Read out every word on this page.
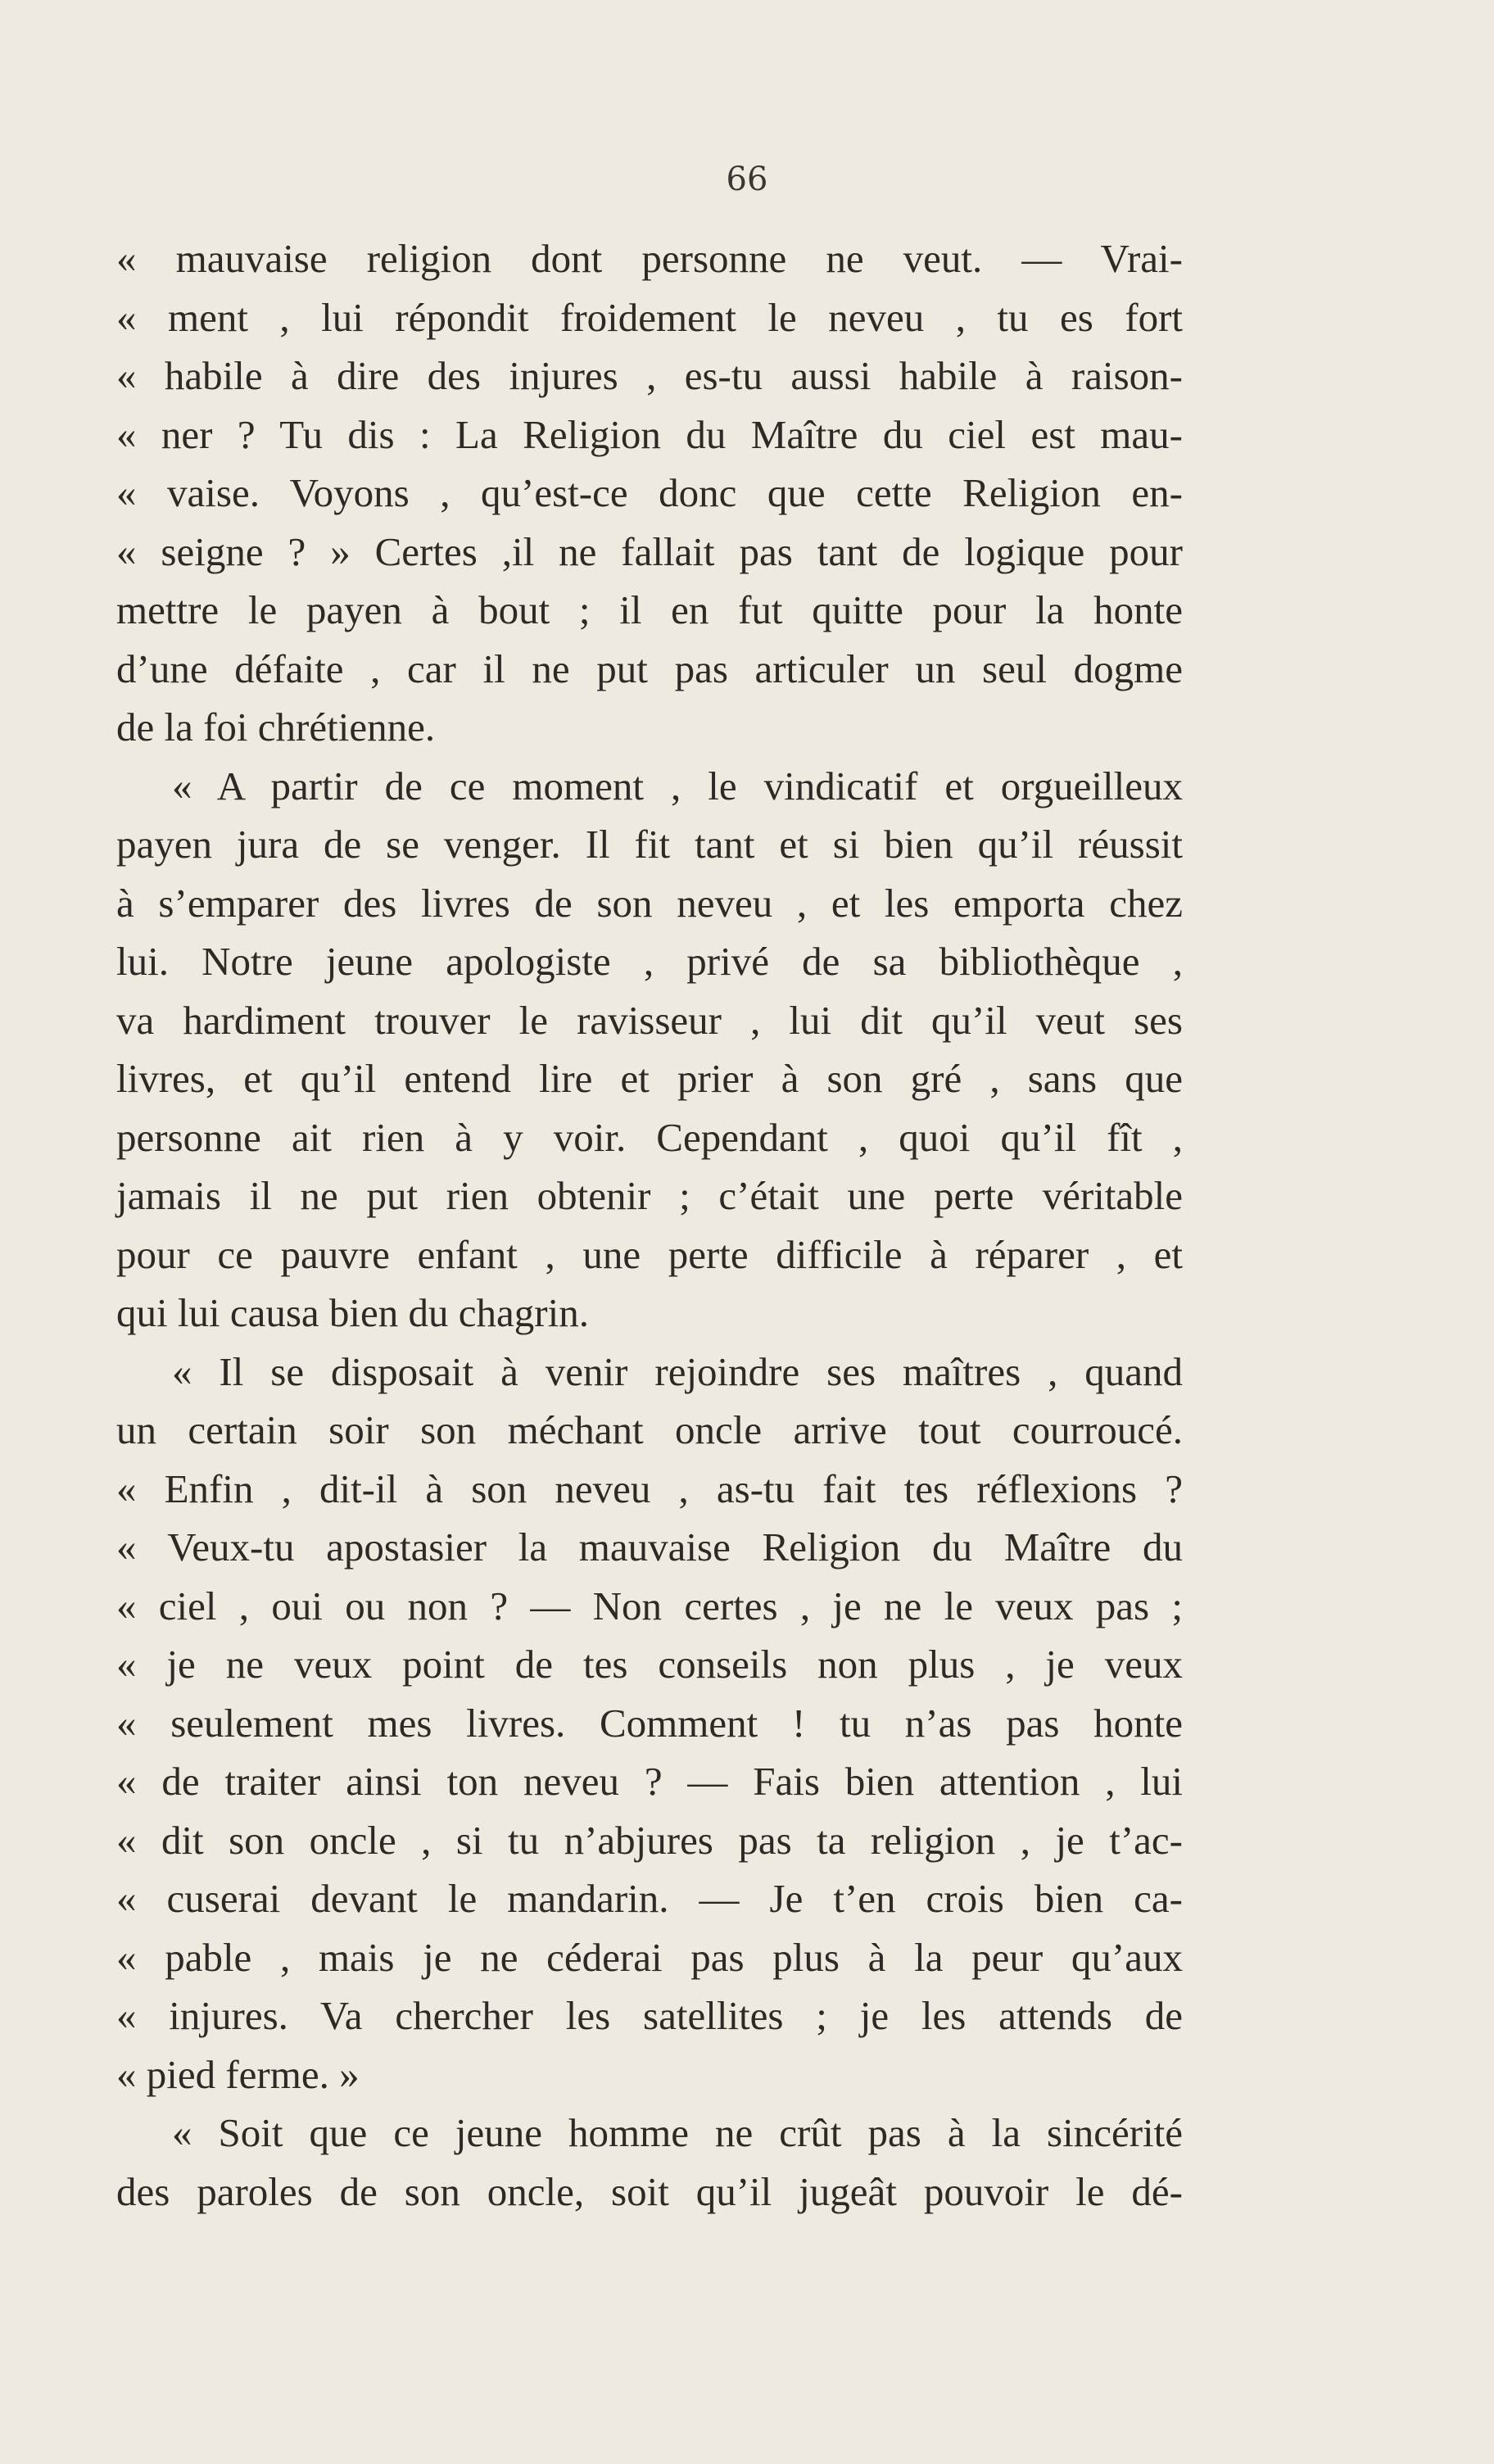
66
« mauvaise religion dont personne ne veut. — Vrai-
« ment , lui répondit froidement le neveu , tu es fort
« habile à dire des injures , es-tu aussi habile à raison-
« ner ? Tu dis : La Religion du Maître du ciel est mau-
« vaise. Voyons , qu’est-ce donc que cette Religion en-
« seigne ? » Certes ,il ne fallait pas tant de logique pour
mettre le payen à bout ; il en fut quitte pour la honte
d’une défaite , car il ne put pas articuler un seul dogme
de la foi chrétienne.
« A partir de ce moment , le vindicatif et orgueilleux
payen jura de se venger. Il fit tant et si bien qu’il réussit
à s’emparer des livres de son neveu , et les emporta chez
lui. Notre jeune apologiste , privé de sa bibliothèque ,
va hardiment trouver le ravisseur , lui dit qu’il veut ses
livres, et qu’il entend lire et prier à son gré , sans que
personne ait rien à y voir. Cependant , quoi qu’il fît ,
jamais il ne put rien obtenir ; c’était une perte véritable
pour ce pauvre enfant , une perte difficile à réparer , et
qui lui causa bien du chagrin.
« Il se disposait à venir rejoindre ses maîtres , quand
un certain soir son méchant oncle arrive tout courroucé.
« Enfin , dit-il à son neveu , as-tu fait tes réflexions ?
« Veux-tu apostasier la mauvaise Religion du Maître du
« ciel , oui ou non ? — Non certes , je ne le veux pas ;
« je ne veux point de tes conseils non plus , je veux
« seulement mes livres. Comment ! tu n’as pas honte
« de traiter ainsi ton neveu ? — Fais bien attention , lui
« dit son oncle , si tu n’abjures pas ta religion , je t’ac-
« cuserai devant le mandarin. — Je t’en crois bien ca-
« pable , mais je ne céderai pas plus à la peur qu’aux
« injures. Va chercher les satellites ; je les attends de
« pied ferme. »
« Soit que ce jeune homme ne crût pas à la sincérité
des paroles de son oncle, soit qu’il jugeât pouvoir le dé-
